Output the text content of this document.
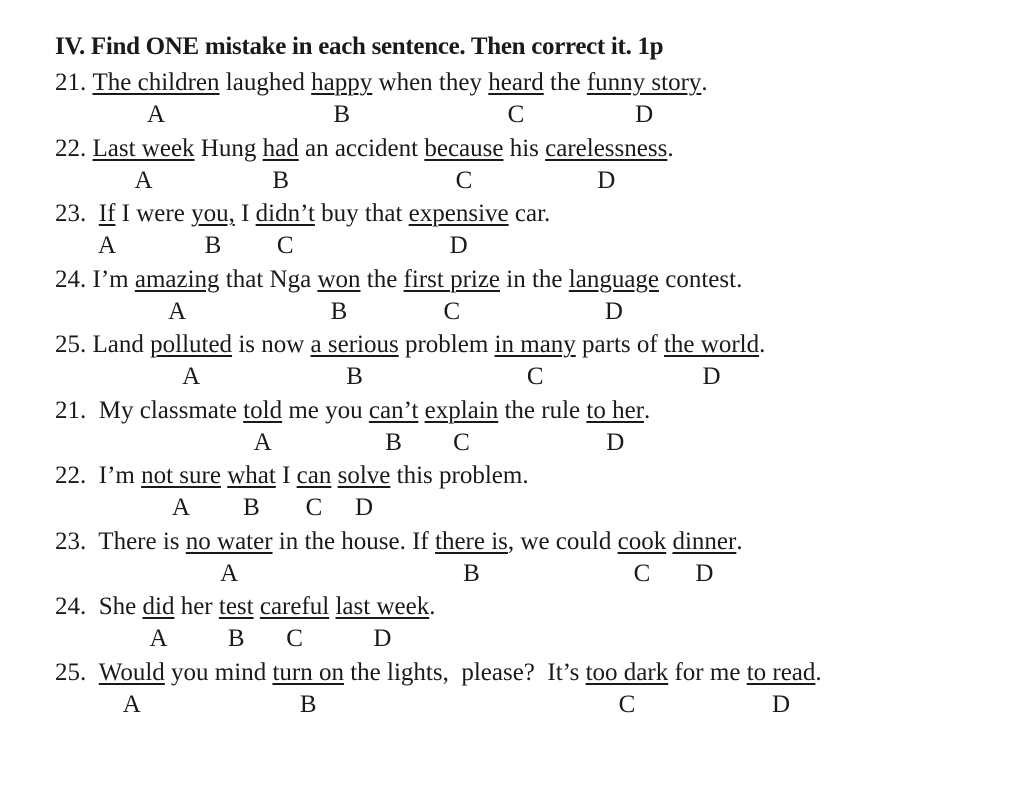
IV. Find ONE mistake in each sentence. Then correct it. 1p
21. The children laughed happy when they heard the funny story .
A	B	C	D
22. Last week Hung had an accident because his carelessness .
A	B	C	D
23. If I were you, I didn’t buy that expensive car.
A	B C	D
24. I’m amazing that Nga won the first prize in the language contest.
A	B	C	D
25. Land polluted is now a serious problem in many parts of the world .
A	B	C	D
21.  My classmate told me you can’t
explain the rule to her .
A	B C	D
22.  I’m not sure
what I can
solve this problem.
A B C D
23.  There is no water in the house. If there is , we could cook
dinner .
A	B	C D
24.  She did her test
careful
last week .
A B C	D
25. Would you mind turn on the lights,  please?  It’s too dark for me to read .
A	B	C	D
